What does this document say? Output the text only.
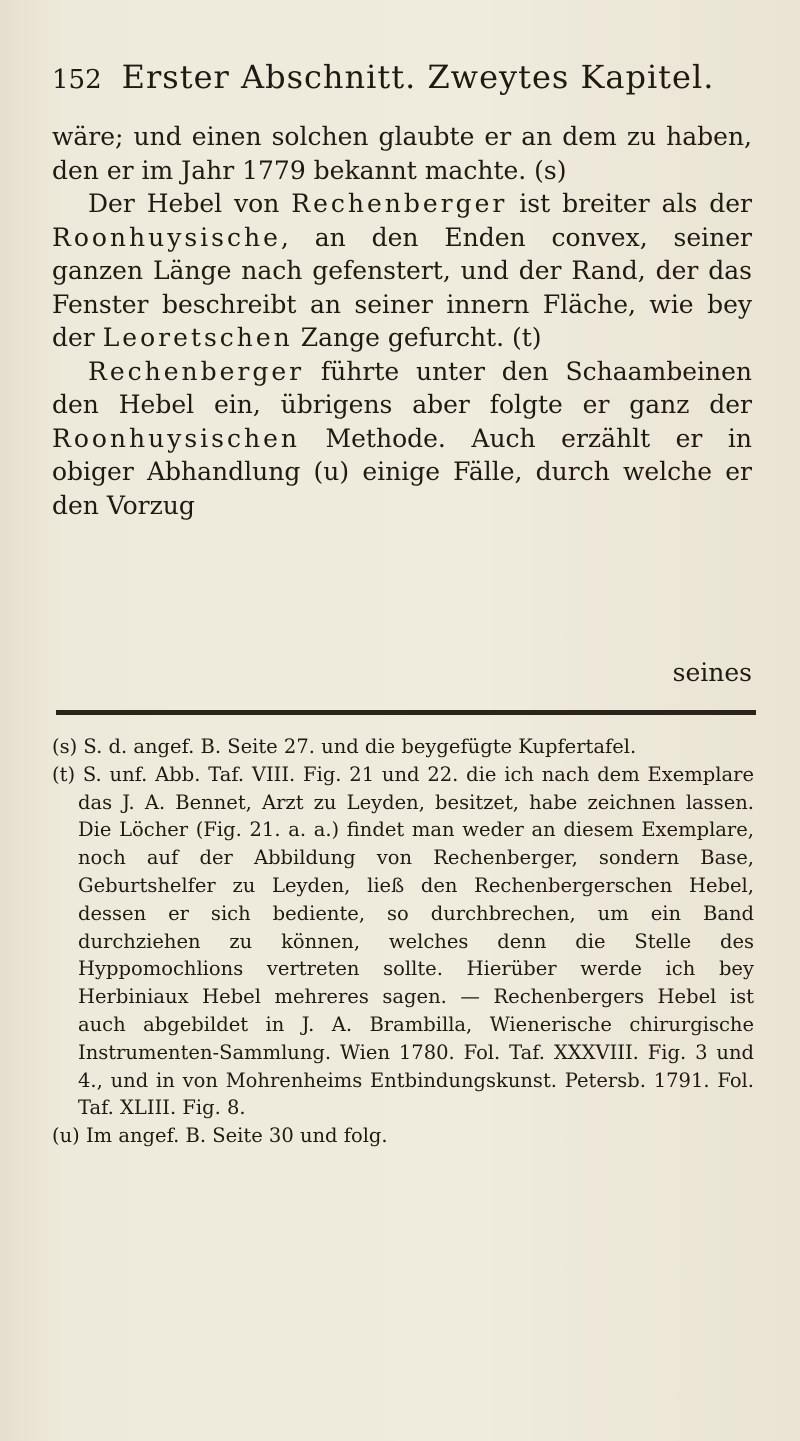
152 Erster Abschnitt. Zweytes Kapitel.

wäre; und einen solchen glaubte er an dem zu haben, den er im Jahr 1779 bekannt machte. (s)

Der Hebel von Rechenberger ist breiter als der Roonhuysische, an den Enden convex, seiner ganzen Länge nach gefenstert, und der Rand, der das Fenster beschreibt an seiner innern Fläche, wie bey der Leoretschen Zange gefurcht. (t)

Rechenberger führte unter den Schaambeinen den Hebel ein, übrigens aber folgte er ganz der Roonhuysischen Methode. Auch erzählt er in obiger Abhandlung (u) einige Fälle, durch welche er den Vorzug

seines

(s) S. d. angef. B. Seite 27. und die beygefügte Kupfertafel.

(t) S. unf. Abb. Taf. VIII. Fig. 21 und 22. die ich nach dem Exemplare das J. A. Bennet, Arzt zu Leyden, besitzet, habe zeichnen lassen. Die Löcher (Fig. 21. a. a.) findet man weder an diesem Exemplare, noch auf der Abbildung von Rechenberger, sondern Base, Geburtshelfer zu Leyden, ließ den Rechenbergerschen Hebel, dessen er sich bediente, so durchbrechen, um ein Band durchziehen zu können, welches denn die Stelle des Hyppomochlions vertreten sollte. Hierüber werde ich bey Herbiniaux Hebel mehreres sagen. — Rechenbergers Hebel ist auch abgebildet in J. A. Brambilla, Wienerische chirurgische Instrumenten-Sammlung. Wien 1780. Fol. Taf. XXXVIII. Fig. 3 und 4., und in von Mohrenheims Entbindungskunst. Petersb. 1791. Fol. Taf. XLIII. Fig. 8.

(u) Im angef. B. Seite 30 und folg.
